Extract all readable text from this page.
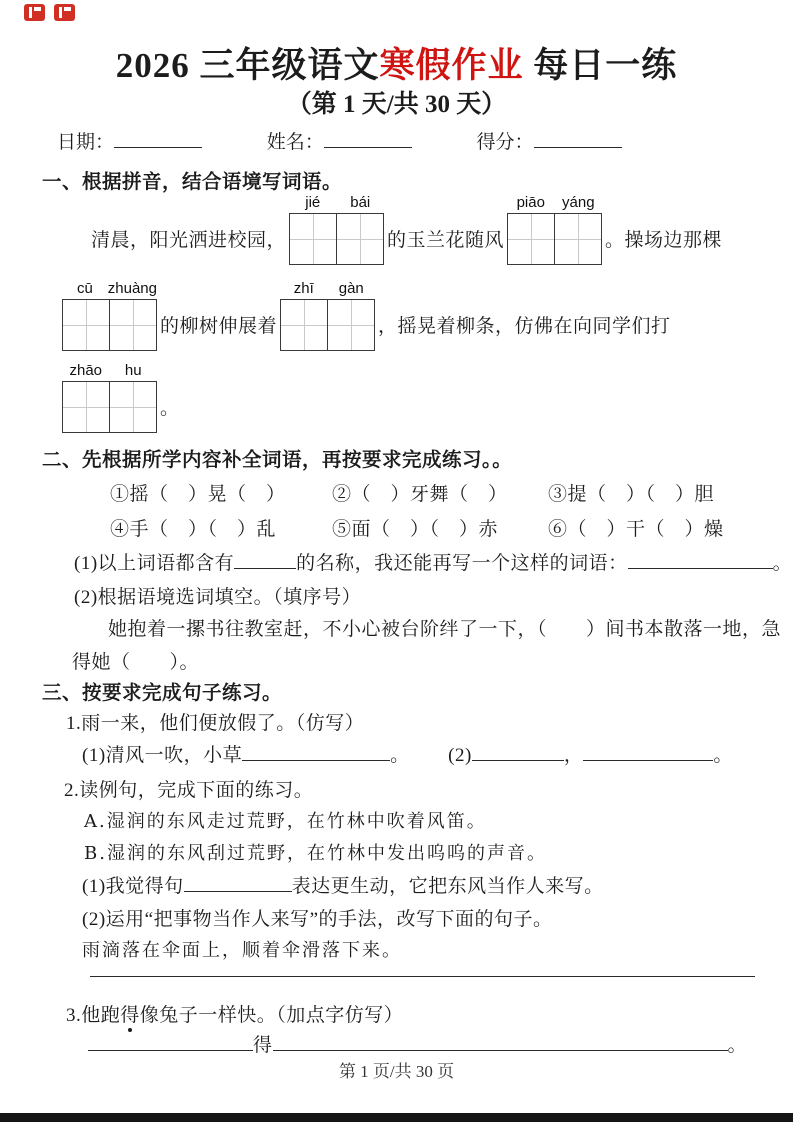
2026 三年级语文寒假作业 每日一练
（第 1 天/共 30 天）
日期：	姓名：	得分：
一、根据拼音，结合语境写词语。
清晨，阳光洒进校园，
jié	bái
的玉兰花随风
piāo	yáng
。操场边那棵
cū zhuàng
的柳树伸展着
zhī	gàn
，摇晃着柳条，仿佛在向同学们打
zhāo	hu
。
二、先根据所学内容补全词语，再按要求完成练习。。
①摇（　）晃（　） ②（　）牙舞（　） ③提（　）（　）胆
④手（　）（　）乱	⑤面（　）（　）赤	⑥（　）干（　）燥
(1)以上词语都含有	的名称，我还能再写一个这样的词语：	。
(2)根据语境选词填空。（填序号）
她抱着一摞书往教室赶，不小心被台阶绊了一下，（　　）间书本散落一地，急
得她（　　）。
三、按要求完成句子练习。
1.雨一来，他们便放假了。（仿写）
(1)清风一吹，小草	。 (2)	，	。
2.读例句，完成下面的练习。
A.湿润的东风走过荒野，在竹林中吹着风笛。
B.湿润的东风刮过荒野，在竹林中发出呜呜的声音。
(1)我觉得句	表达更生动，它把东风当作人来写。
(2)运用“把事物当作人来写”的手法，改写下面的句子。
雨滴落在伞面上，顺着伞滑落下来。
3.他跑得像兔子一样快。（加点字仿写）
得	。
第 1 页/共 30 页
